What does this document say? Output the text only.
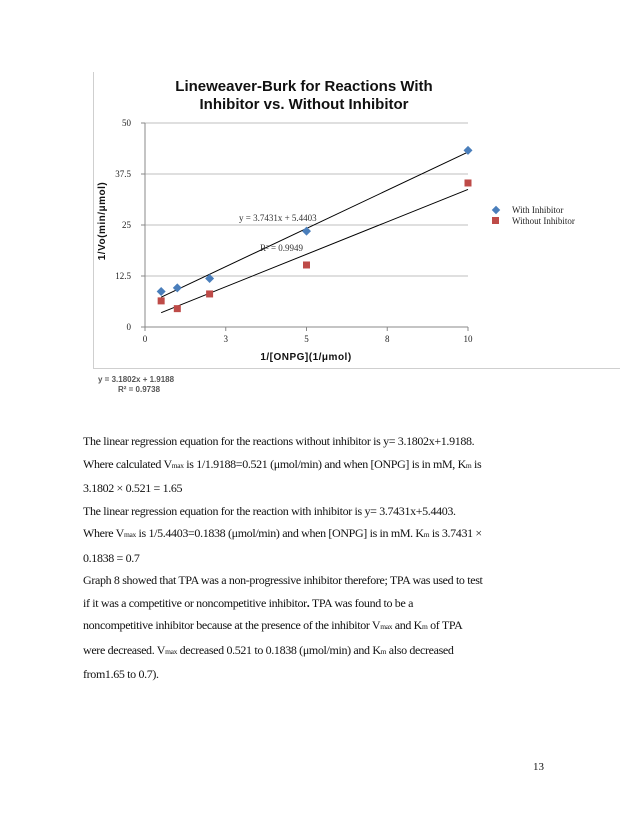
0
12.5
25
37.5
50
0	3	5	8	10
Lineweaver-Burk for Reactions With
Inhibitor vs. Without Inhibitor
1/[ONPG](1/μmol)
1/Vo(min/μmol)	y = 3.7431x + 5.4403
R² = 0.9949
With Inhibitor
Without Inhibitor
y = 3.1802x + 1.9188
R² = 0.9738

The linear regression equation for the reactions without inhibitor is y= 3.1802x+1.9188.

Where calculated Vmax is 1/1.9188=0.521 (μmol/min) and when [ONPG] is in mM, Km is

3.1802 × 0.521 = 1.65

The linear regression equation for the reaction with inhibitor is y= 3.7431x+5.4403.

Where Vmax is 1/5.4403=0.1838 (μmol/min) and when [ONPG] is in mM. Km is 3.7431 ×

0.1838 = 0.7

Graph 8 showed that TPA was a non-progressive inhibitor therefore; TPA was used to test

if it was a competitive or noncompetitive inhibitor. TPA was found to be a

noncompetitive inhibitor because at the presence of the inhibitor Vmax and Km of TPA

were decreased. Vmax decreased 0.521 to 0.1838 (μmol/min) and Km also decreased

from1.65 to 0.7).

13
